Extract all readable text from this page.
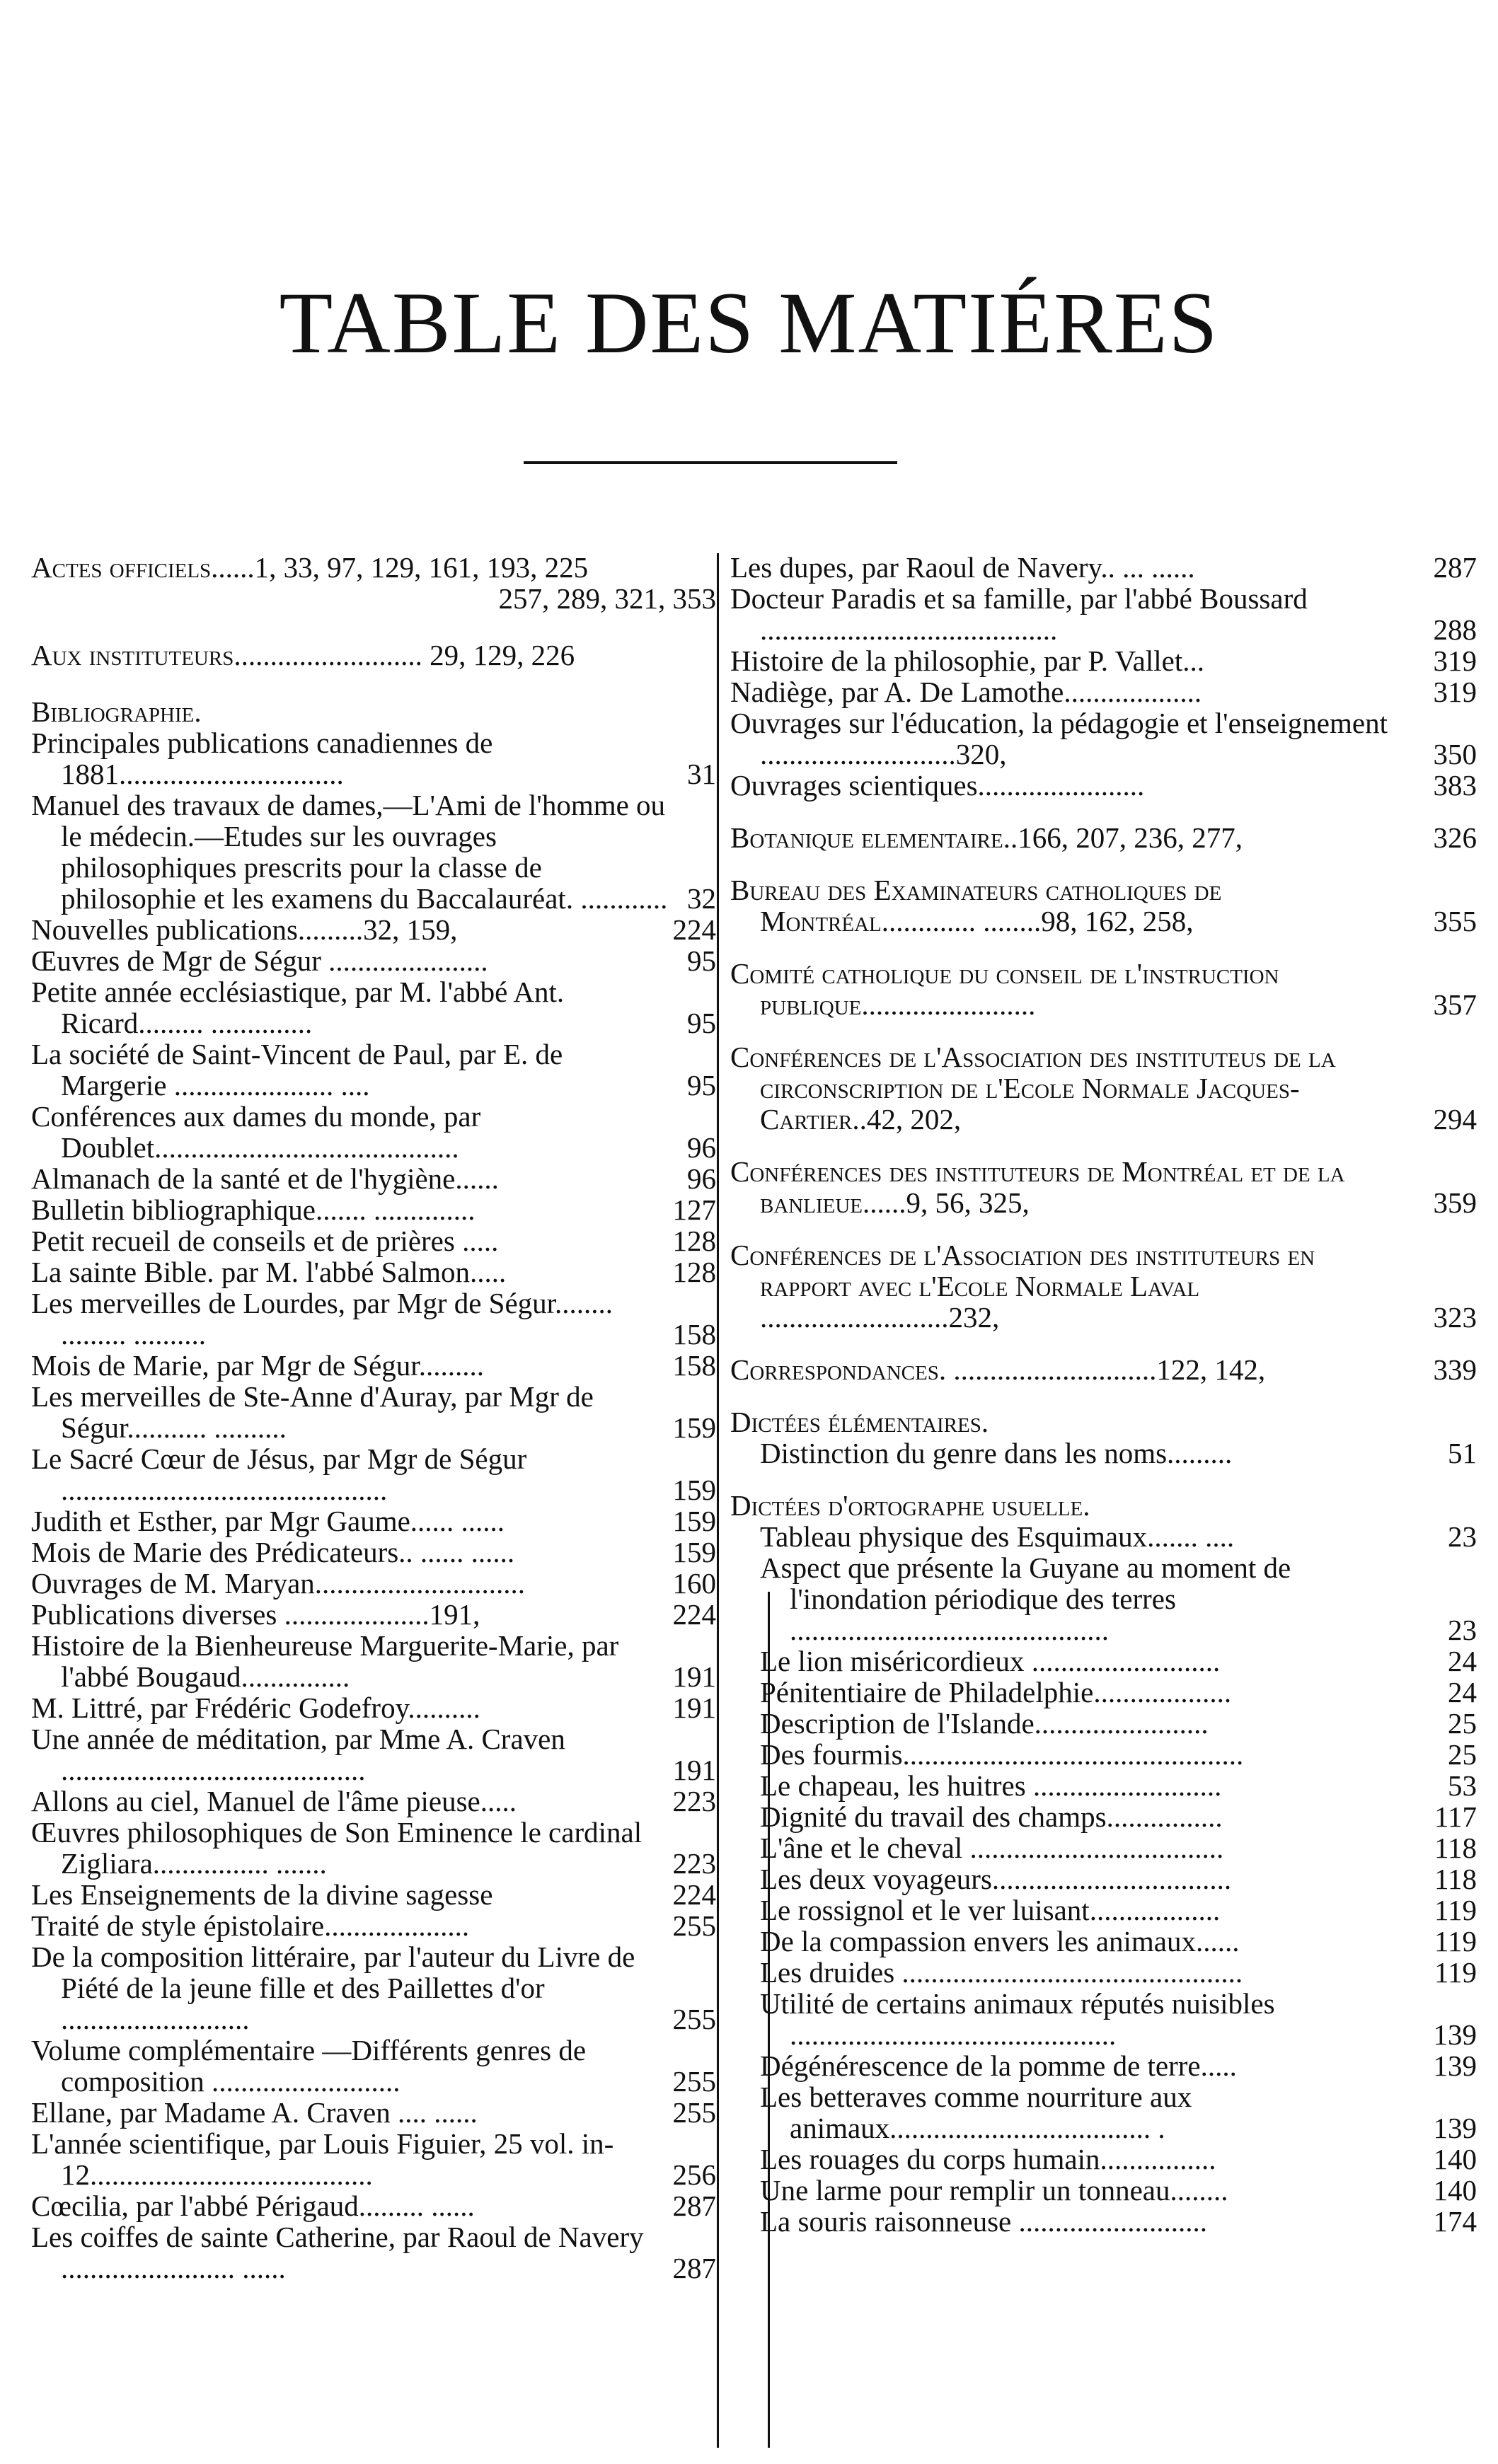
TABLE DES MATIÉRES
Actes officiels......1, 33, 97, 129, 161, 193, 225
257, 289, 321, 353
Aux instituteurs.......................... 29, 129, 226
Bibliographie.
Principales publications canadiennes de 1881...............................	31
Manuel des travaux de dames,—L'Ami de l'homme ou le médecin.—Etudes sur les ouvrages philosophiques prescrits pour la classe de philosophie et les examens du Baccalauréat. ............ 32
Nouvelles publications.........32, 159,	224
Œuvres de Mgr de Ségur ......................	95
Petite année ecclésiastique, par M. l'abbé Ant. Ricard......... ..............	95
La société de Saint-Vincent de Paul, par E. de Margerie ...................... ....	95
Conférences aux dames du monde, par Doublet..........................................	96
Almanach de la santé et de l'hygiène......	96
Bulletin bibliographique....... ..............	127
Petit recueil de conseils et de prières .....	128
La sainte Bible. par M. l'abbé Salmon.....	128
Les merveilles de Lourdes, par Mgr de Ségur........ ......... ..........	158
Mois de Marie, par Mgr de Ségur.........	158
Les merveilles de Ste-Anne d'Auray, par Mgr de Ségur........... ..........	159
Le Sacré Cœur de Jésus, par Mgr de Ségur .............................................	159
Judith et Esther, par Mgr Gaume...... ......	159
Mois de Marie des Prédicateurs.. ...... ......	159
Ouvrages de M. Maryan.............................	160
Publications diverses ....................191,	224
Histoire de la Bienheureuse Marguerite-Marie, par l'abbé Bougaud...............	191
M. Littré, par Frédéric Godefroy..........	191
Une année de méditation, par Mme A. Craven ..........................................	191
Allons au ciel, Manuel de l'âme pieuse.....	223
Œuvres philosophiques de Son Eminence le cardinal Zigliara................ .......	223
Les Enseignements de la divine sagesse	224
Traité de style épistolaire....................	255
De la composition littéraire, par l'auteur du Livre de Piété de la jeune fille et des Paillettes d'or ..........................	255
Volume complémentaire —Différents genres de composition ..........................	255
Ellane, par Madame A. Craven .... ......	255
L'année scientifique, par Louis Figuier, 25 vol. in-12.......................................	256
Cœcilia, par l'abbé Périgaud......... ......	287
Les coiffes de sainte Catherine, par Raoul de Navery ........................ ......	287
Les dupes, par Raoul de Navery.. ... ......	287
Docteur Paradis et sa famille, par l'abbé Boussard .........................................	288
Histoire de la philosophie, par P. Vallet...	319
Nadiège, par A. De Lamothe...................	319
Ouvrages sur l'éducation, la pédagogie et l'enseignement ...........................320,	350
Ouvrages scientiques.......................	383
Botanique elementaire..166, 207, 236, 277,	326
Bureau des Examinateurs catholiques de Montréal............. ........98, 162, 258,	355
Comité catholique du conseil de l'instruction publique........................	357
Conférences de l'Association des instituteus de la circonscription de l'Ecole Normale Jacques-Cartier..42, 202,	294
Conférences des instituteurs de Montréal et de la banlieue......9, 56, 325,	359
Conférences de l'Association des instituteurs en rapport avec l'Ecole Normale Laval ..........................232,	323
Correspondances. ............................122, 142,	339
Dictées élémentaires.
Distinction du genre dans les noms.........	51
Dictées d'ortographe usuelle.
Tableau physique des Esquimaux....... ....	23
Aspect que présente la Guyane au moment de l'inondation périodique des terres ............................................	23
Le lion miséricordieux ..........................	24
Pénitentiaire de Philadelphie...................	24
Description de l'Islande........................	25
Des fourmis...............................................	25
Le chapeau, les huitres ..........................	53
Dignité du travail des champs................	117
L'âne et le cheval ...................................	118
Les deux voyageurs.................................	118
Le rossignol et le ver luisant..................	119
De la compassion envers les animaux......	119
Les druides ...............................................	119
Utilité de certains animaux réputés nuisibles .............................................	139
Dégénérescence de la pomme de terre.....	139
Les betteraves comme nourriture aux animaux.................................... .	139
Les rouages du corps humain................	140
Une larme pour remplir un tonneau........	140
La souris raisonneuse ..........................	174
